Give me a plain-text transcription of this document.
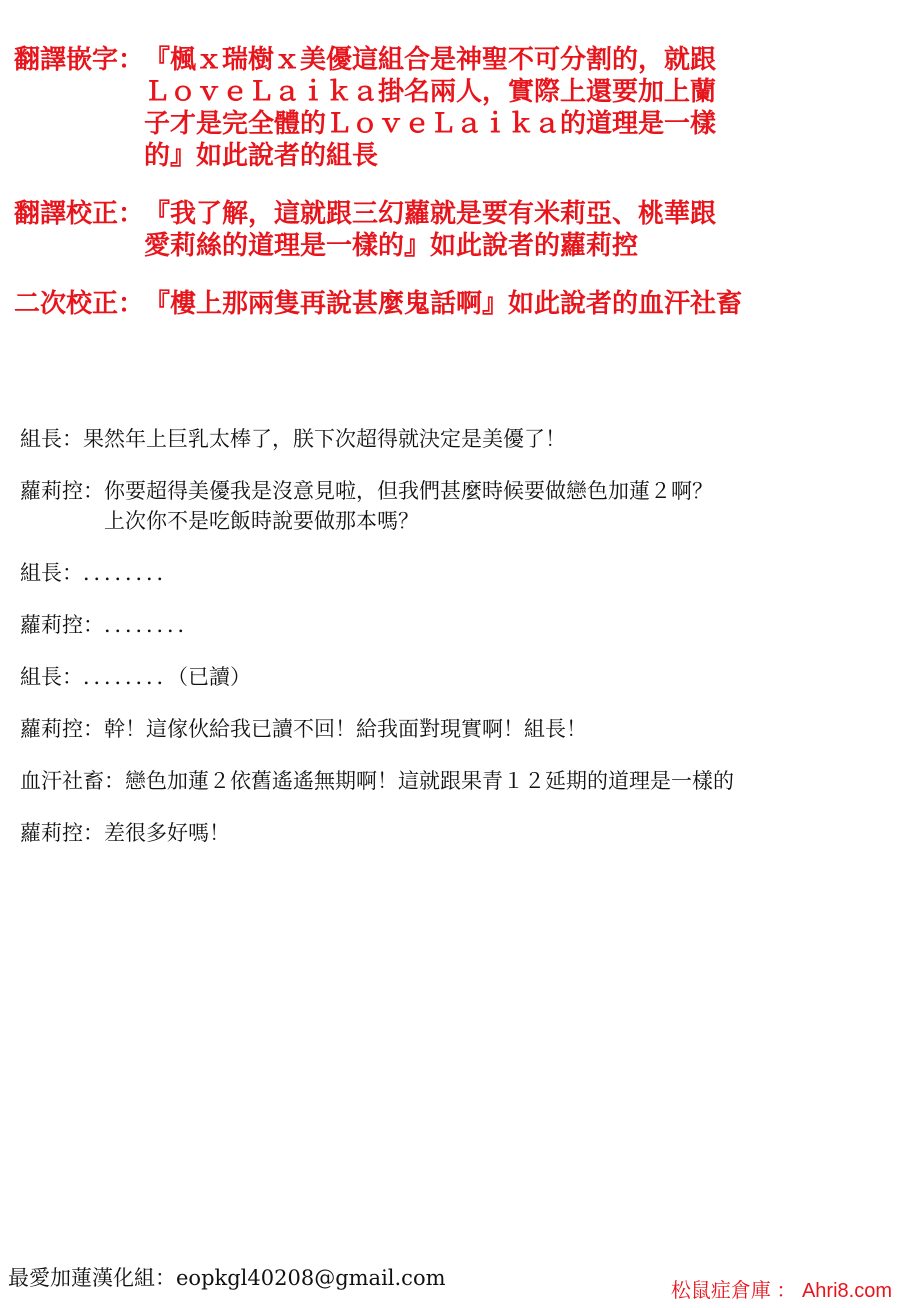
翻譯嵌字： 『楓ｘ瑞樹ｘ美優這組合是神聖不可分割的，就跟
ＬｏｖｅＬａｉｋａ掛名兩人，實際上還要加上蘭
子才是完全體的ＬｏｖｅＬａｉｋａ的道理是一樣
的』如此說者的組長
翻譯校正： 『我了解，這就跟三幻蘿就是要有米莉亞、桃華跟
愛莉絲的道理是一樣的』如此說者的蘿莉控
二次校正： 『樓上那兩隻再說甚麼鬼話啊』如此說者的血汗社畜
組長： 果然年上巨乳太棒了，朕下次超得就決定是美優了！
蘿莉控： 你要超得美優我是沒意見啦，但我們甚麼時候要做戀色加蓮２啊？
上次你不是吃飯時說要做那本嗎？
組長： ．．．．．．．．
蘿莉控： ．．．．．．．．
組長： ．．．．．．．．（已讀）
蘿莉控： 幹！這傢伙給我已讀不回！給我面對現實啊！組長！
血汗社畜： 戀色加蓮２依舊遙遙無期啊！這就跟果青１２延期的道理是一樣的
蘿莉控： 差很多好嗎！
最愛加蓮漢化組：eopkgl40208@gmail.com
松鼠症倉庫 ： Ahri8.com
